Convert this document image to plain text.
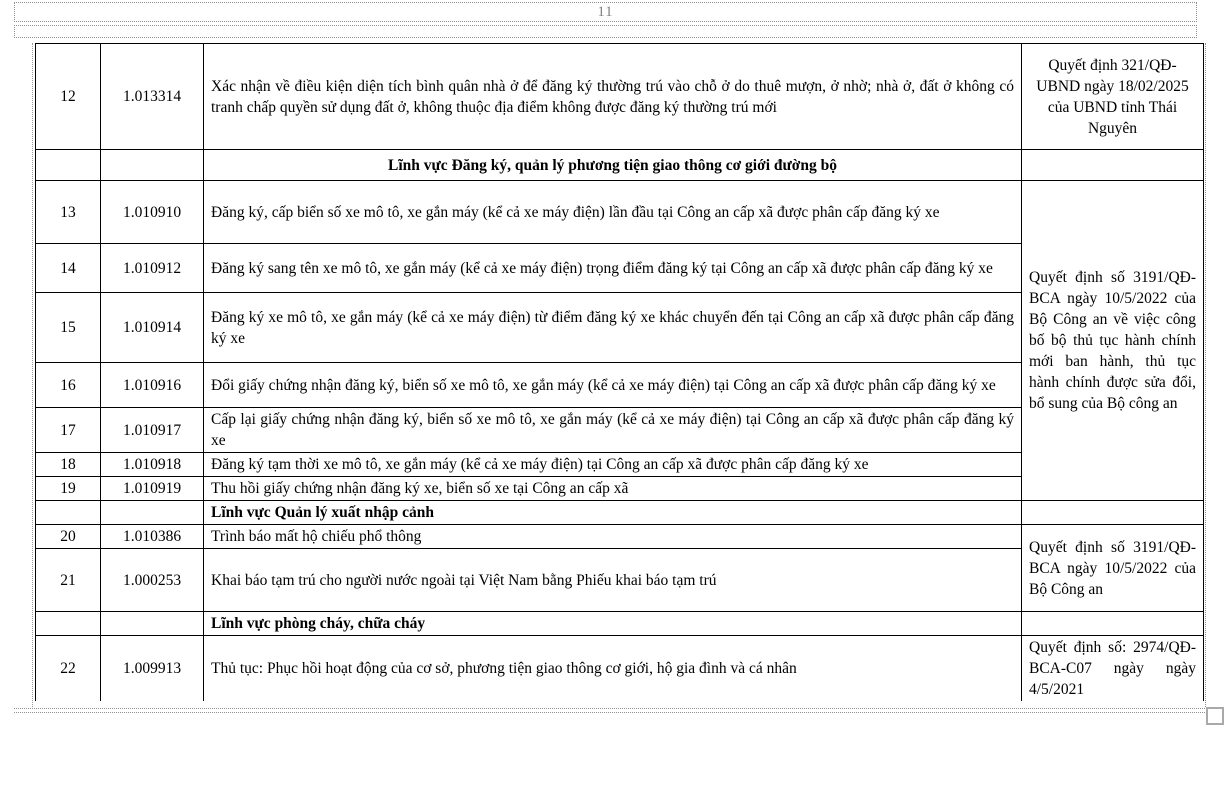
11
12	1.013314	Xác nhận về điều kiện diện tích bình quân nhà ở để đăng ký thường trú vào chỗ ở do thuê mượn, ở nhờ; nhà ở, đất ở không có tranh chấp quyền sử dụng đất ở, không thuộc địa điểm không được đăng ký thường trú mới	Quyết định 321/QĐ-UBND ngày 18/02/2025 của UBND tỉnh Thái Nguyên
		Lĩnh vực Đăng ký, quản lý phương tiện giao thông cơ giới đường bộ	
13	1.010910	Đăng ký, cấp biển số xe mô tô, xe gắn máy (kể cả xe máy điện) lần đầu tại Công an cấp xã được phân cấp đăng ký xe	Quyết định số 3191/QĐ-BCA ngày 10/5/2022 của Bộ Công an về việc công bố bộ thủ tục hành chính mới ban hành, thủ tục hành chính được sửa đổi, bổ sung của Bộ công an
14	1.010912	Đăng ký sang tên xe mô tô, xe gắn máy (kể cả xe máy điện) trọng điểm đăng ký tại Công an cấp xã được phân cấp đăng ký xe	
15	1.010914	Đăng ký xe mô tô, xe gắn máy (kể cả xe máy điện) từ điểm đăng ký xe khác chuyển đến tại Công an cấp xã được phân cấp đăng ký xe	
16	1.010916	Đổi giấy chứng nhận đăng ký, biển số xe mô tô, xe gắn máy (kể cả xe máy điện) tại Công an cấp xã được phân cấp đăng ký xe	
17	1.010917	Cấp lại giấy chứng nhận đăng ký, biển số xe mô tô, xe gắn máy (kể cả xe máy điện) tại Công an cấp xã được phân cấp đăng ký xe	
18	1.010918	Đăng ký tạm thời xe mô tô, xe gắn máy (kể cả xe máy điện) tại Công an cấp xã được phân cấp đăng ký xe	
19	1.010919	Thu hồi giấy chứng nhận đăng ký xe, biển số xe tại Công an cấp xã	
		Lĩnh vực Quản lý xuất nhập cảnh	
20	1.010386	Trình báo mất hộ chiếu phổ thông	Quyết định số 3191/QĐ-BCA ngày 10/5/2022 của Bộ Công an
21	1.000253	Khai báo tạm trú cho người nước ngoài tại Việt Nam bằng Phiếu khai báo tạm trú	
		Lĩnh vực phòng cháy, chữa cháy	
22	1.009913	Thủ tục: Phục hồi hoạt động của cơ sở, phương tiện giao thông cơ giới, hộ gia đình và cá nhân	Quyết định số: 2974/QĐ-BCA-C07 ngày ngày 4/5/2021
